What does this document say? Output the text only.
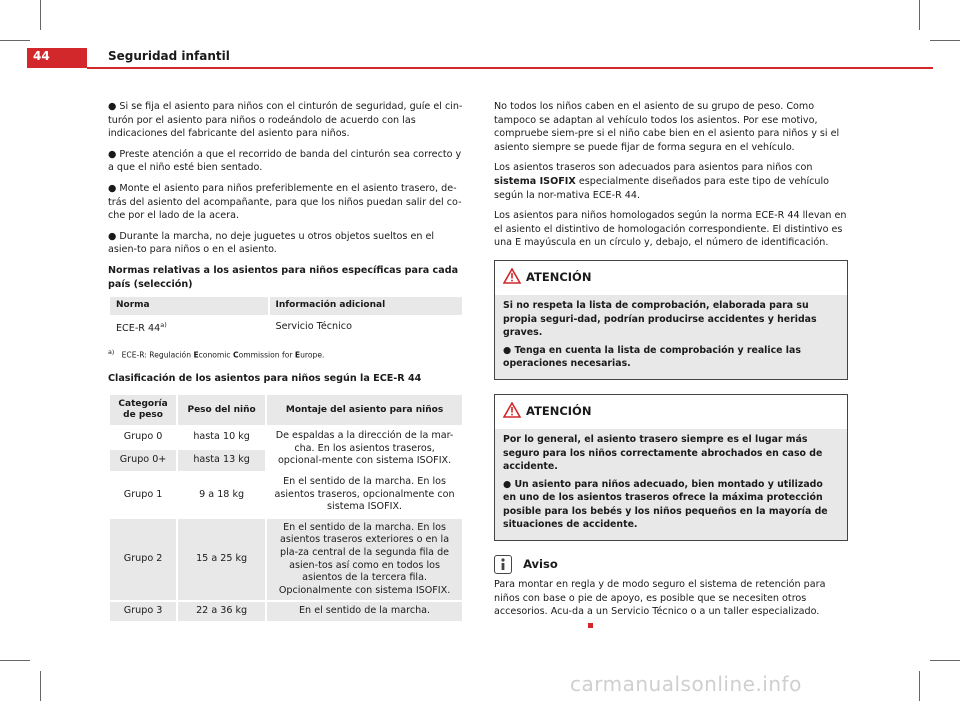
44	Seguridad infantil

● Si se fija el asiento para niños con el cinturón de seguridad, guíe el cin-turón por el asiento para niños o rodeándolo de acuerdo con las indicaciones del fabricante del asiento para niños.

● Preste atención a que el recorrido de banda del cinturón sea correcto y a que el niño esté bien sentado.

● Monte el asiento para niños preferiblemente en el asiento trasero, de-trás del asiento del acompañante, para que los niños puedan salir del co-che por el lado de la acera.

● Durante la marcha, no deje juguetes u otros objetos sueltos en el asien-to para niños o en el asiento.

Normas relativas a los asientos para niños específicas para cada país (selección)

Norma	Información adicional
ECE-R 44$^{a)}$	Servicio Técnico
$^{a)}$ ECE-R: Regulación Economic Commission for Europe.

Clasificación de los asientos para niños según la ECE-R 44

Categoría de peso	Peso del niño	Montaje del asiento para niños
Grupo 0	hasta 10 kg	De espaldas a la dirección de la mar-cha. En los asientos traseros, opcional-mente con sistema ISOFIX.
Grupo 0+	hasta 13 kg	
Grupo 1	9 a 18 kg	En el sentido de la marcha. En los asientos traseros, opcionalmente con sistema ISOFIX.
Grupo 2	15 a 25 kg	En el sentido de la marcha. En los asientos traseros exteriores o en la pla-za central de la segunda fila de asien-tos así como en todos los asientos de la tercera fila. Opcionalmente con sistema ISOFIX.
Grupo 3	22 a 36 kg	En el sentido de la marcha.

No todos los niños caben en el asiento de su grupo de peso. Como tampoco se adaptan al vehículo todos los asientos. Por ese motivo, compruebe siem-pre si el niño cabe bien en el asiento para niños y si el asiento siempre se puede fijar de forma segura en el vehículo.

Los asientos traseros son adecuados para asientos para niños con sistema ISOFIX especialmente diseñados para este tipo de vehículo según la nor-mativa ECE-R 44.

Los asientos para niños homologados según la norma ECE-R 44 llevan en el asiento el distintivo de homologación correspondiente. El distintivo es una E mayúscula en un círculo y, debajo, el número de identificación.

ATENCIÓN

Si no respeta la lista de comprobación, elaborada para su propia seguri-dad, podrían producirse accidentes y heridas graves.

● Tenga en cuenta la lista de comprobación y realice las operaciones necesarias.

ATENCIÓN

Por lo general, el asiento trasero siempre es el lugar más seguro para los niños correctamente abrochados en caso de accidente.

● Un asiento para niños adecuado, bien montado y utilizado en uno de los asientos traseros ofrece la máxima protección posible para los bebés y los niños pequeños en la mayoría de situaciones de accidente.

Aviso

Para montar en regla y de modo seguro el sistema de retención para niños con base o pie de apoyo, es posible que se necesiten otros accesorios. Acu-da a un Servicio Técnico o a un taller especializado.

carmanualsonline.info
